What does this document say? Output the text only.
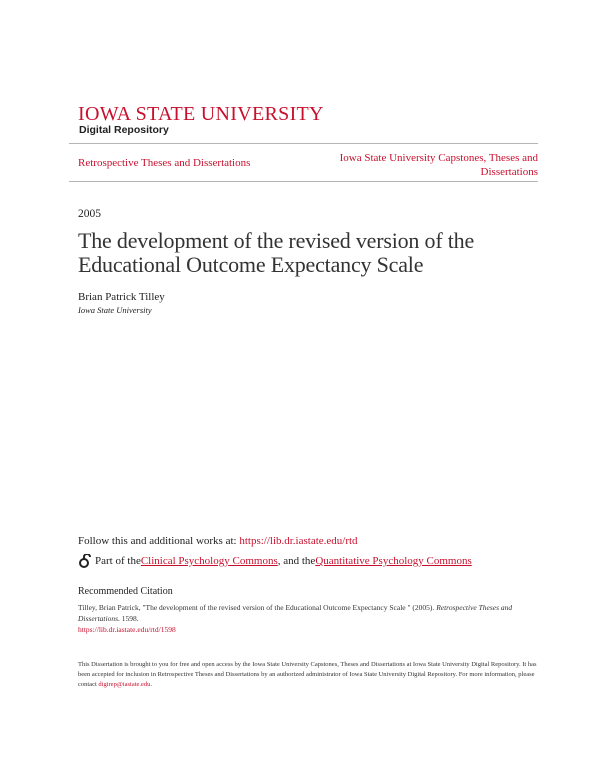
IOWA STATE UNIVERSITY
Digital Repository
Retrospective Theses and Dissertations	Iowa State University Capstones, Theses and Dissertations
2005
The development of the revised version of the Educational Outcome Expectancy Scale
Brian Patrick Tilley
Iowa State University
Follow this and additional works at: https://lib.dr.iastate.edu/rtd
Part of the Clinical Psychology Commons , and the Quantitative Psychology Commons
Recommended Citation
Tilley, Brian Patrick, "The development of the revised version of the Educational Outcome Expectancy Scale " (2005). Retrospective Theses and Dissertations. 1598.
https://lib.dr.iastate.edu/rtd/1598
This Dissertation is brought to you for free and open access by the Iowa State University Capstones, Theses and Dissertations at Iowa State University Digital Repository. It has been accepted for inclusion in Retrospective Theses and Dissertations by an authorized administrator of Iowa State University Digital Repository. For more information, please contact digirep@iastate.edu.
